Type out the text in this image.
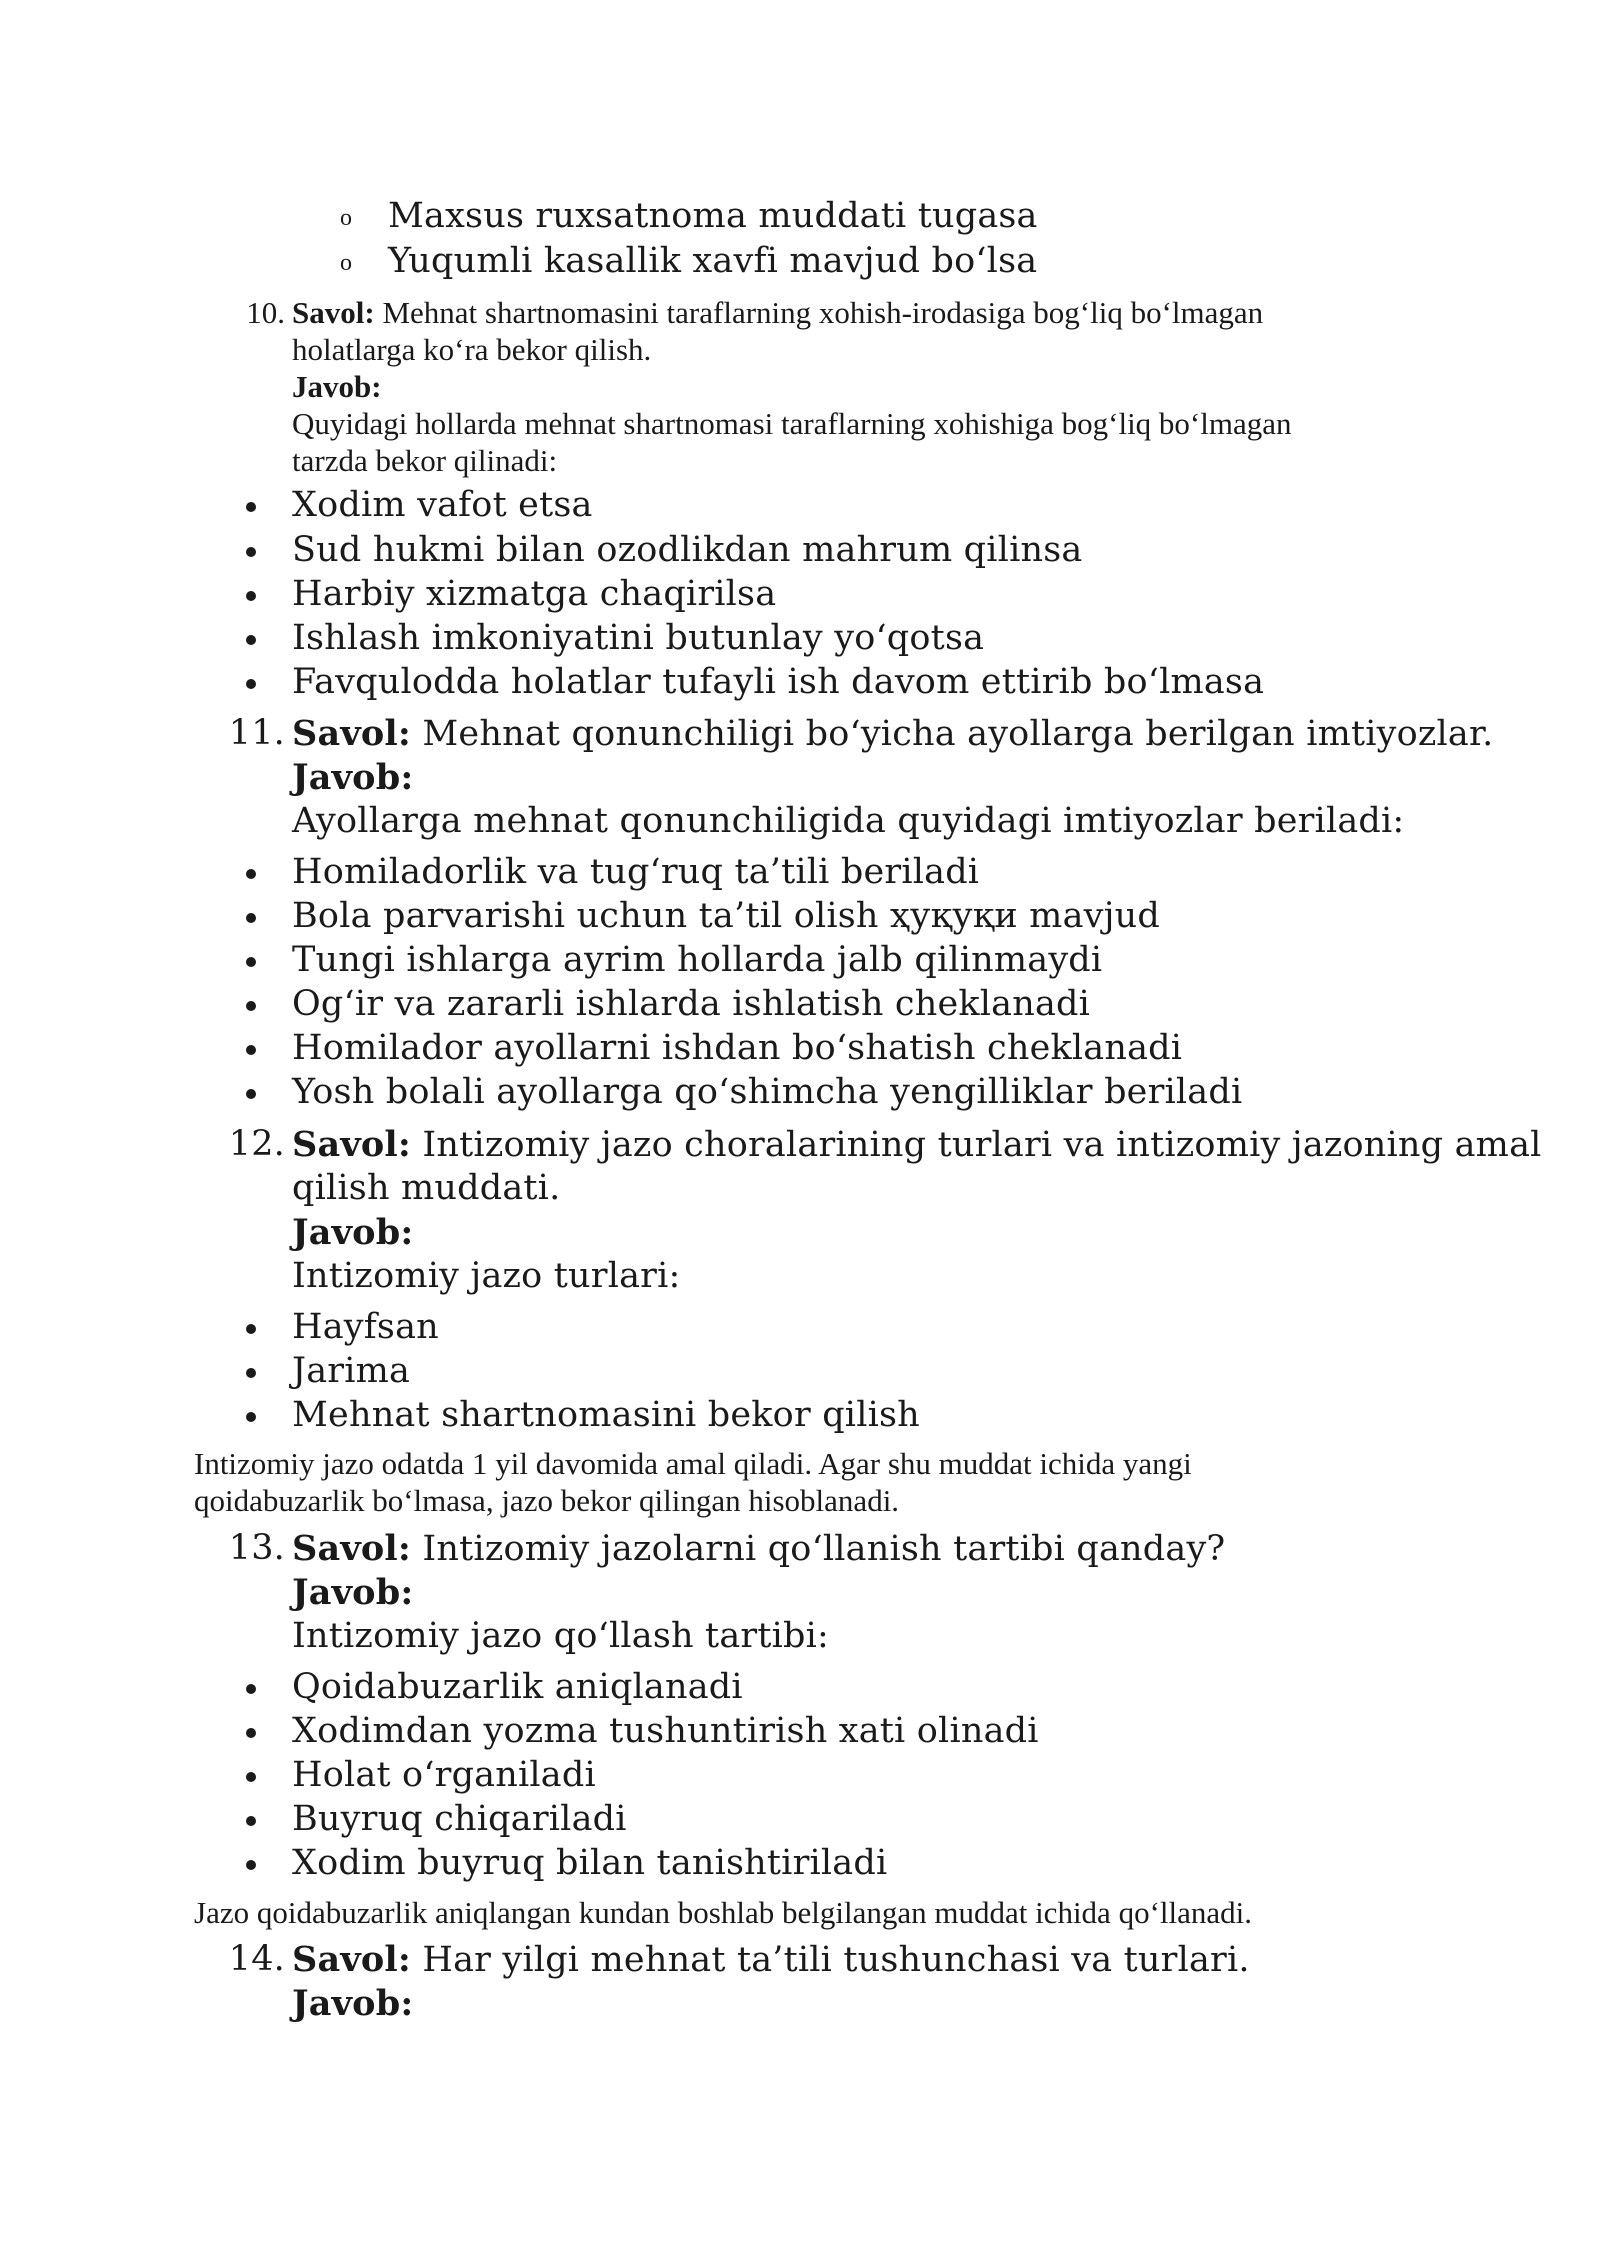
o Maxsus ruxsatnoma muddati tugasa
o Yuqumli kasallik xavfi mavjud bo‘lsa
10. Savol: Mehnat shartnomasini taraflarning xohish-irodasiga bog‘liq bo‘lmagan
holatlarga ko‘ra bekor qilish.
Javob:
Quyidagi hollarda mehnat shartnomasi taraflarning xohishiga bog‘liq bo‘lmagan
tarzda bekor qilinadi:
Xodim vafot etsa
Sud hukmi bilan ozodlikdan mahrum qilinsa
Harbiy xizmatga chaqirilsa
Ishlash imkoniyatini butunlay yo‘qotsa
Favqulodda holatlar tufayli ish davom ettirib bo‘lmasa
11. Savol: Mehnat qonunchiligi bo‘yicha ayollarga berilgan imtiyozlar.
Javob:
Ayollarga mehnat qonunchiligida quyidagi imtiyozlar beriladi:
Homiladorlik va tug‘ruq ta’tili beriladi
Bola parvarishi uchun ta’til olish ҳуқуқи mavjud
Tungi ishlarga ayrim hollarda jalb qilinmaydi
Og‘ir va zararli ishlarda ishlatish cheklanadi
Homilador ayollarni ishdan bo‘shatish cheklanadi
Yosh bolali ayollarga qo‘shimcha yengilliklar beriladi
12. Savol: Intizomiy jazo choralarining turlari va intizomiy jazoning amal
qilish muddati.
Javob:
Intizomiy jazo turlari:
Hayfsan
Jarima
Mehnat shartnomasini bekor qilish
Intizomiy jazo odatda 1 yil davomida amal qiladi. Agar shu muddat ichida yangi
qoidabuzarlik bo‘lmasa, jazo bekor qilingan hisoblanadi.
13. Savol: Intizomiy jazolarni qo‘llanish tartibi qanday?
Javob:
Intizomiy jazo qo‘llash tartibi:
Qoidabuzarlik aniqlanadi
Xodimdan yozma tushuntirish xati olinadi
Holat o‘rganiladi
Buyruq chiqariladi
Xodim buyruq bilan tanishtiriladi
Jazo qoidabuzarlik aniqlangan kundan boshlab belgilangan muddat ichida qo‘llanadi.
14. Savol: Har yilgi mehnat ta’tili tushunchasi va turlari.
Javob:
